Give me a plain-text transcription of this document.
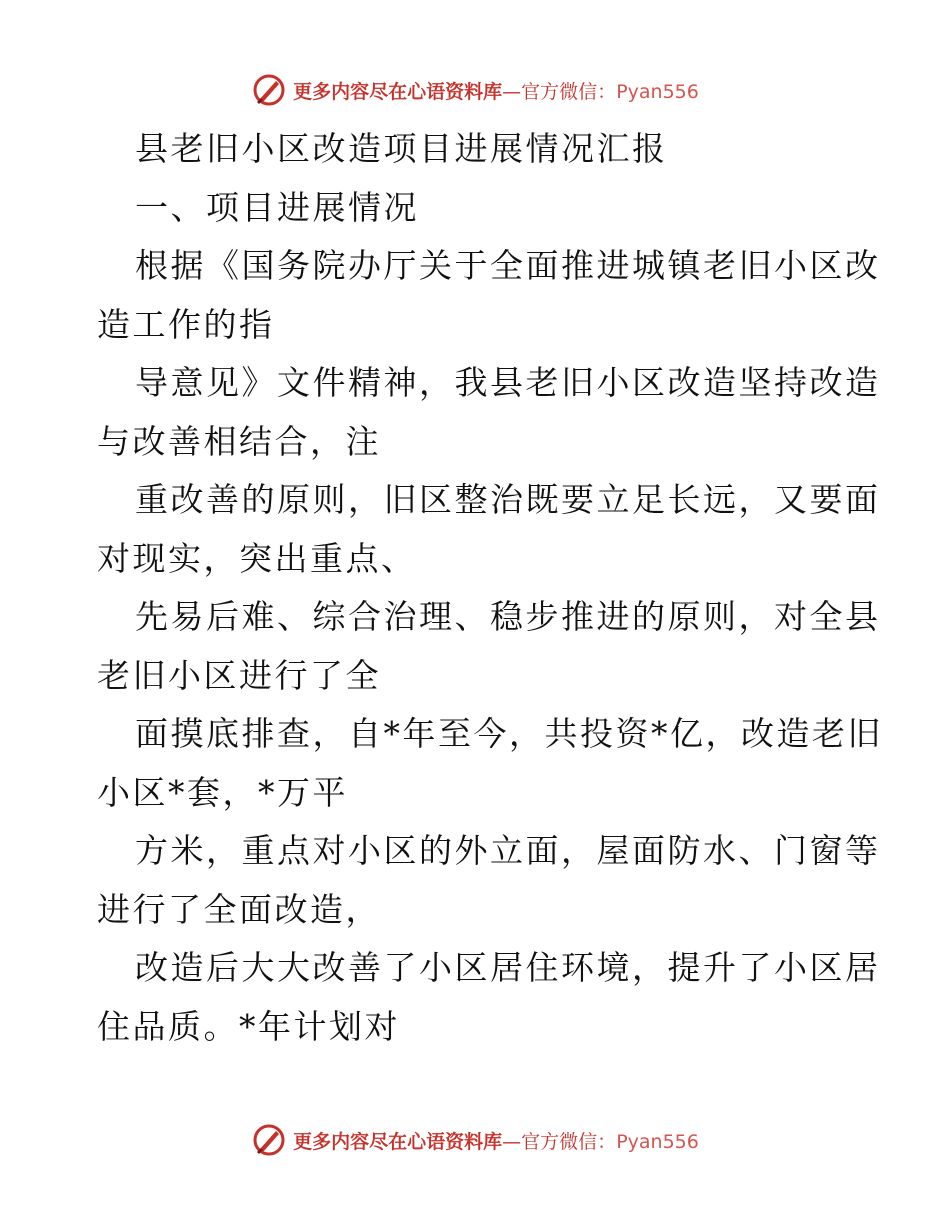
更多内容尽在心语资料库—官方微信：Pyan556
县老旧小区改造项目进展情况汇报
一、项目进展情况
根据《国务院办厅关于全面推进城镇老旧小区改
造工作的指
导意见》文件精神，我县老旧小区改造坚持改造
与改善相结合，注
重改善的原则，旧区整治既要立足长远，又要面
对现实，突出重点、
先易后难、综合治理、稳步推进的原则，对全县
老旧小区进行了全
面摸底排查，自*年至今，共投资*亿，改造老旧
小区*套，*万平
方米，重点对小区的外立面，屋面防水、门窗等
进行了全面改造，
改造后大大改善了小区居住环境，提升了小区居
住品质。*年计划对
更多内容尽在心语资料库—官方微信：Pyan556
